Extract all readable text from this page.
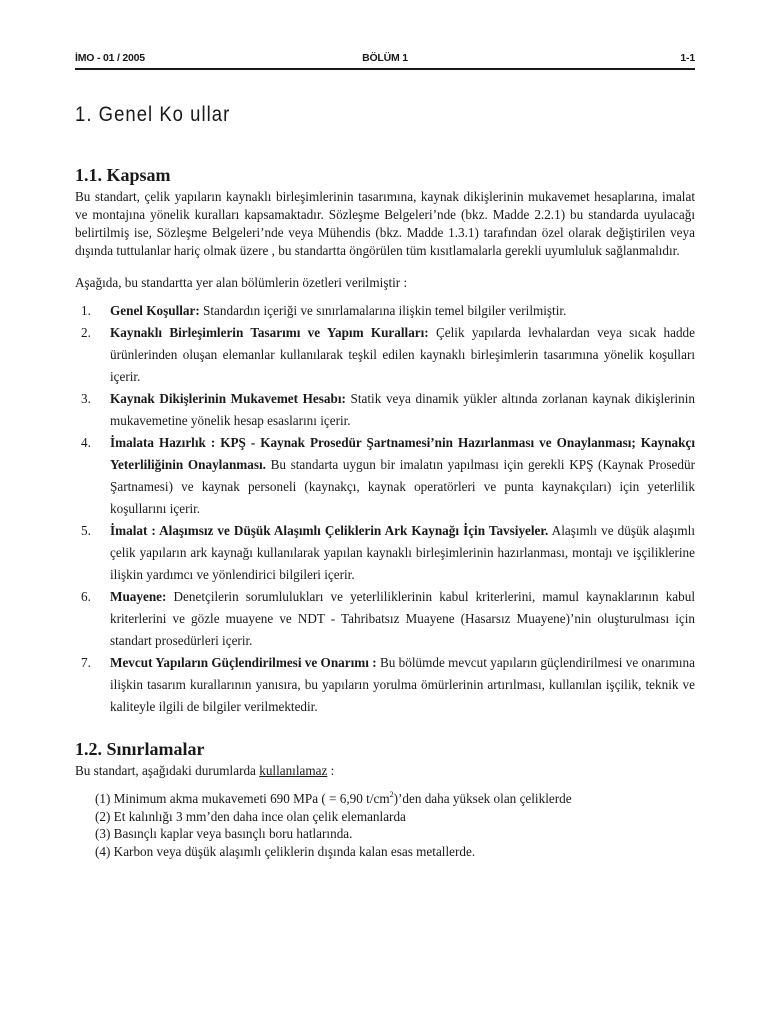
İMO - 01 / 2005	BÖLÜM 1	1-1
1. Genel Ko ullar
1.1. Kapsam

Bu standart, çelik yapıların kaynaklı birleşimlerinin tasarımına, kaynak dikişlerinin mukavemet hesaplarına, imalat ve montajına yönelik kuralları kapsamaktadır. Sözleşme Belgeleri’nde (bkz. Madde 2.2.1) bu standarda uyulacağı belirtilmiş ise, Sözleşme Belgeleri’nde veya Mühendis (bkz. Madde 1.3.1) tarafından özel olarak değiştirilen veya dışında tuttulanlar hariç olmak üzere , bu standartta öngörülen tüm kısıtlamalarla gerekli uyumluluk sağlanmalıdır.

Aşağıda, bu standartta yer alan bölümlerin özetleri verilmiştir :

1. Genel Koşullar: Standardın içeriği ve sınırlamalarına ilişkin temel bilgiler verilmiştir.
2. Kaynaklı Birleşimlerin Tasarımı ve Yapım Kuralları: Çelik yapılarda levhalardan veya sıcak hadde ürünlerinden oluşan elemanlar kullanılarak teşkil edilen kaynaklı birleşimlerin tasarımına yönelik koşulları içerir.
3. Kaynak Dikişlerinin Mukavemet Hesabı: Statik veya dinamik yükler altında zorlanan kaynak dikişlerinin mukavemetine yönelik hesap esaslarını içerir.
4. İmalata Hazırlık : KPŞ - Kaynak Prosedür Şartnamesi’nin Hazırlanması ve Onaylanması; Kaynakçı Yeterliliğinin Onaylanması. Bu standarta uygun bir imalatın yapılması için gerekli KPŞ (Kaynak Prosedür Şartnamesi) ve kaynak personeli (kaynakçı, kaynak operatörleri ve punta kaynakçıları) için yeterlilik koşullarını içerir.
5. İmalat : Alaşımsız ve Düşük Alaşımlı Çeliklerin Ark Kaynağı İçin Tavsiyeler. Alaşımlı ve düşük alaşımlı çelik yapıların ark kaynağı kullanılarak yapılan kaynaklı birleşimlerinin hazırlanması, montajı ve işçiliklerine ilişkin yardımcı ve yönlendirici bilgileri içerir.
6. Muayene: Denetçilerin sorumlulukları ve yeterliliklerinin kabul kriterlerini, mamul kaynaklarının kabul kriterlerini ve gözle muayene ve NDT - Tahribatsız Muayene (Hasarsız Muayene)’nin oluşturulması için standart prosedürleri içerir.
7. Mevcut Yapıların Güçlendirilmesi ve Onarımı : Bu bölümde mevcut yapıların güçlendirilmesi ve onarımına ilişkin tasarım kurallarının yanısıra, bu yapıların yorulma ömürlerinin artırılması, kullanılan işçilik, teknik ve kaliteyle ilgili de bilgiler verilmektedir.
1.2. Sınırlamalar

Bu standart, aşağıdaki durumlarda kullanılamaz :

(1) Minimum akma mukavemeti 690 MPa ( = 6,90 $t/cm^2)’den$ daha yüksek olan çeliklerde
(2) Et kalınlığı 3 mm’den daha ince olan çelik elemanlarda
(3) Basınçlı kaplar veya basınçlı boru hatlarında.
(4) Karbon veya düşük alaşımlı çeliklerin dışında kalan esas metallerde.
